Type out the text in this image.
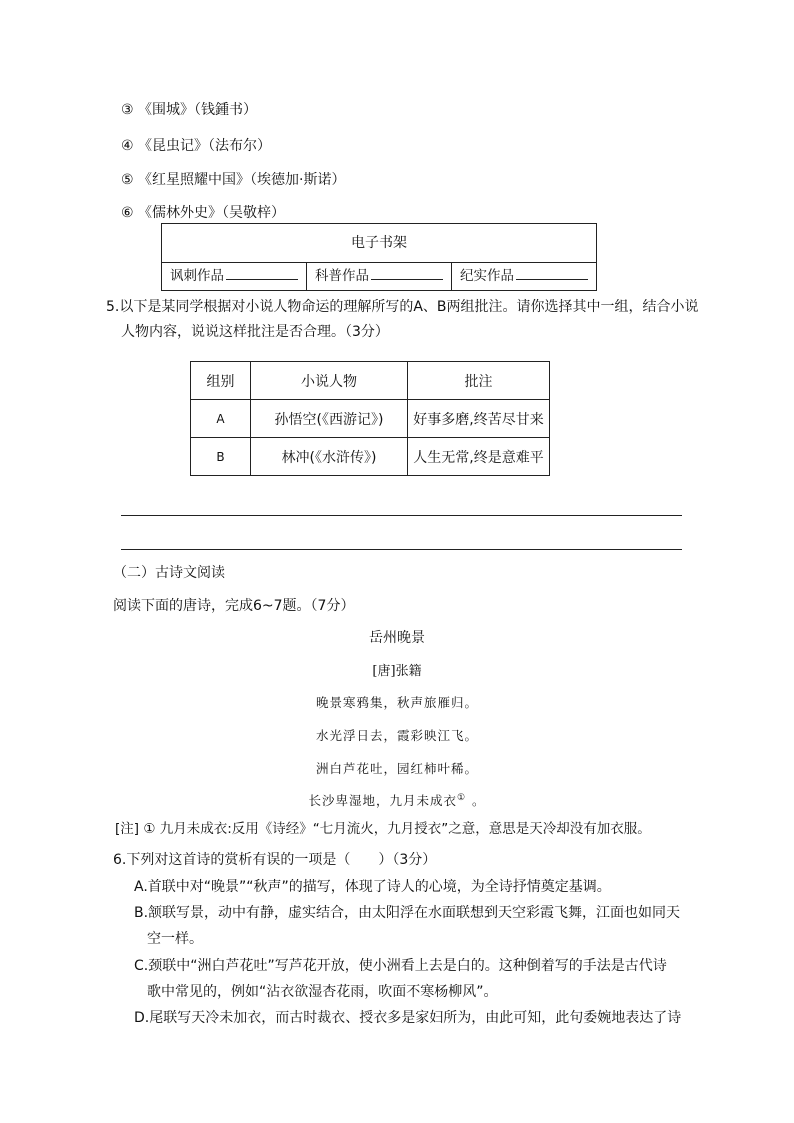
③ 《围城》（钱鍾书）
④ 《昆虫记》（法布尔）
⑤ 《红星照耀中国》（埃德加·斯诺）
⑥ 《儒林外史》（吴敬梓）
电子书架
讽刺作品	科普作品	纪实作品
5.以下是某同学根据对小说人物命运的理解所写的A、B两组批注。请你选择其中一组，结合小说
人物内容，说说这样批注是否合理。（3分）
组别	小说人物	批注
A	孙悟空(《西游记》)	好事多磨,终苦尽甘来
B	林冲(《水浒传》)	人生无常,终是意难平
（二）古诗文阅读
阅读下面的唐诗，完成6~7题。（7分）
岳州晚景
[唐]张籍
晚景寒鸦集，秋声旅雁归。
水光浮日去，霞彩映江飞。
洲白芦花吐，园红柿叶稀。
长沙卑湿地，九月未成衣① 。
[注] ① 九月未成衣:反用《诗经》“七月流火，九月授衣”之意，意思是天冷却没有加衣服。
6.下列对这首诗的赏析有误的一项是（　　）（3分）
A.首联中对“晚景”“秋声”的描写，体现了诗人的心境，为全诗抒情奠定基调。
B.颔联写景，动中有静，虚实结合，由太阳浮在水面联想到天空彩霞飞舞，江面也如同天
空一样。
C.颈联中“洲白芦花吐”写芦花开放，使小洲看上去是白的。这种倒着写的手法是古代诗
歌中常见的，例如“沾衣欲湿杏花雨，吹面不寒杨柳风”。
D.尾联写天冷未加衣，而古时裁衣、授衣多是家妇所为，由此可知，此句委婉地表达了诗
